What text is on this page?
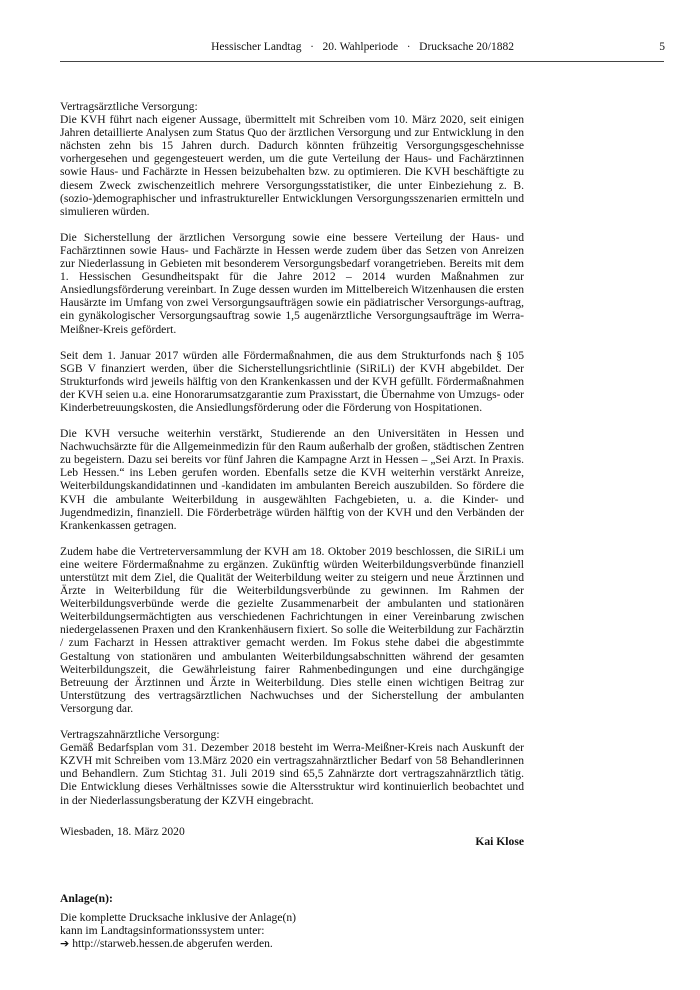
Hessischer Landtag   ·   20. Wahlperiode   ·   Drucksache 20/1882	5

Vertragsärztliche Versorgung:

Die KVH führt nach eigener Aussage, übermittelt mit Schreiben vom 10. März 2020, seit einigen Jahren detaillierte Analysen zum Status Quo der ärztlichen Versorgung und zur Entwicklung in den nächsten zehn bis 15 Jahren durch. Dadurch könnten frühzeitig Versorgungsgeschehnisse vorhergesehen und gegengesteuert werden, um die gute Verteilung der Haus- und Fachärztinnen sowie Haus- und Fachärzte in Hessen beizubehalten bzw. zu optimieren. Die KVH beschäftigte zu diesem Zweck zwischenzeitlich mehrere Versorgungsstatistiker, die unter Einbeziehung z. B. (sozio-)demographischer und infrastruktureller Entwicklungen Versorgungsszenarien ermitteln und simulieren würden.

Die Sicherstellung der ärztlichen Versorgung sowie eine bessere Verteilung der Haus- und Fachärztinnen sowie Haus- und Fachärzte in Hessen werde zudem über das Setzen von Anreizen zur Niederlassung in Gebieten mit besonderem Versorgungsbedarf vorangetrieben. Bereits mit dem 1. Hessischen Gesundheitspakt für die Jahre 2012 – 2014 wurden Maßnahmen zur Ansiedlungsförderung vereinbart. In Zuge dessen wurden im Mittelbereich Witzenhausen die ersten Hausärzte im Umfang von zwei Versorgungsaufträgen sowie ein pädiatrischer Versorgungs-auftrag, ein gynäkologischer Versorgungsauftrag sowie 1,5 augenärztliche Versorgungsaufträge im Werra-Meißner-Kreis gefördert.

Seit dem 1. Januar 2017 würden alle Fördermaßnahmen, die aus dem Strukturfonds nach § 105 SGB V finanziert werden, über die Sicherstellungsrichtlinie (SiRiLi) der KVH abgebildet. Der Strukturfonds wird jeweils hälftig von den Krankenkassen und der KVH gefüllt. Fördermaßnahmen der KVH seien u.a. eine Honorarumsatzgarantie zum Praxisstart, die Übernahme von Umzugs- oder Kinderbetreuungskosten, die Ansiedlungsförderung oder die Förderung von Hospitationen.

Die KVH versuche weiterhin verstärkt, Studierende an den Universitäten in Hessen und Nachwuchsärzte für die Allgemeinmedizin für den Raum außerhalb der großen, städtischen Zentren zu begeistern. Dazu sei bereits vor fünf Jahren die Kampagne Arzt in Hessen – „Sei Arzt. In Praxis. Leb Hessen.“ ins Leben gerufen worden. Ebenfalls setze die KVH weiterhin verstärkt Anreize, Weiterbildungskandidatinnen und -kandidaten im ambulanten Bereich auszubilden. So fördere die KVH die ambulante Weiterbildung in ausgewählten Fachgebieten, u. a. die Kinder- und Jugendmedizin, finanziell. Die Förderbeträge würden hälftig von der KVH und den Verbänden der Krankenkassen getragen.

Zudem habe die Vertreterversammlung der KVH am 18. Oktober 2019 beschlossen, die SiRiLi um eine weitere Fördermaßnahme zu ergänzen. Zukünftig würden Weiterbildungsverbünde finanziell unterstützt mit dem Ziel, die Qualität der Weiterbildung weiter zu steigern und neue Ärztinnen und Ärzte in Weiterbildung für die Weiterbildungsverbünde zu gewinnen. Im Rahmen der Weiterbildungsverbünde werde die gezielte Zusammenarbeit der ambulanten und stationären Weiterbildungsermächtigten aus verschiedenen Fachrichtungen in einer Vereinbarung zwischen niedergelassenen Praxen und den Krankenhäusern fixiert. So solle die Weiterbildung zur Fachärztin / zum Facharzt in Hessen attraktiver gemacht werden. Im Fokus stehe dabei die abgestimmte Gestaltung von stationären und ambulanten Weiterbildungsabschnitten während der gesamten Weiterbildungszeit, die Gewährleistung fairer Rahmenbedingungen und eine durchgängige Betreuung der Ärztinnen und Ärzte in Weiterbildung. Dies stelle einen wichtigen Beitrag zur Unterstützung des vertragsärztlichen Nachwuchses und der Sicherstellung der ambulanten Versorgung dar.

Vertragszahnärztliche Versorgung:

Gemäß Bedarfsplan vom 31. Dezember 2018 besteht im Werra-Meißner-Kreis nach Auskunft der KZVH mit Schreiben vom 13.März 2020 ein vertragszahnärztlicher Bedarf von 58 Behandlerinnen und Behandlern. Zum Stichtag 31. Juli 2019 sind 65,5 Zahnärzte dort vertragszahnärztlich tätig. Die Entwicklung dieses Verhältnisses sowie die Altersstruktur wird kontinuierlich beobachtet und in der Niederlassungsberatung der KZVH eingebracht.

Wiesbaden, 18. März 2020
Kai Klose
Anlage(n):
Die komplette Drucksache inklusive der Anlage(n)
kann im Landtagsinformationssystem unter:
➔ http://starweb.hessen.de abgerufen werden.
